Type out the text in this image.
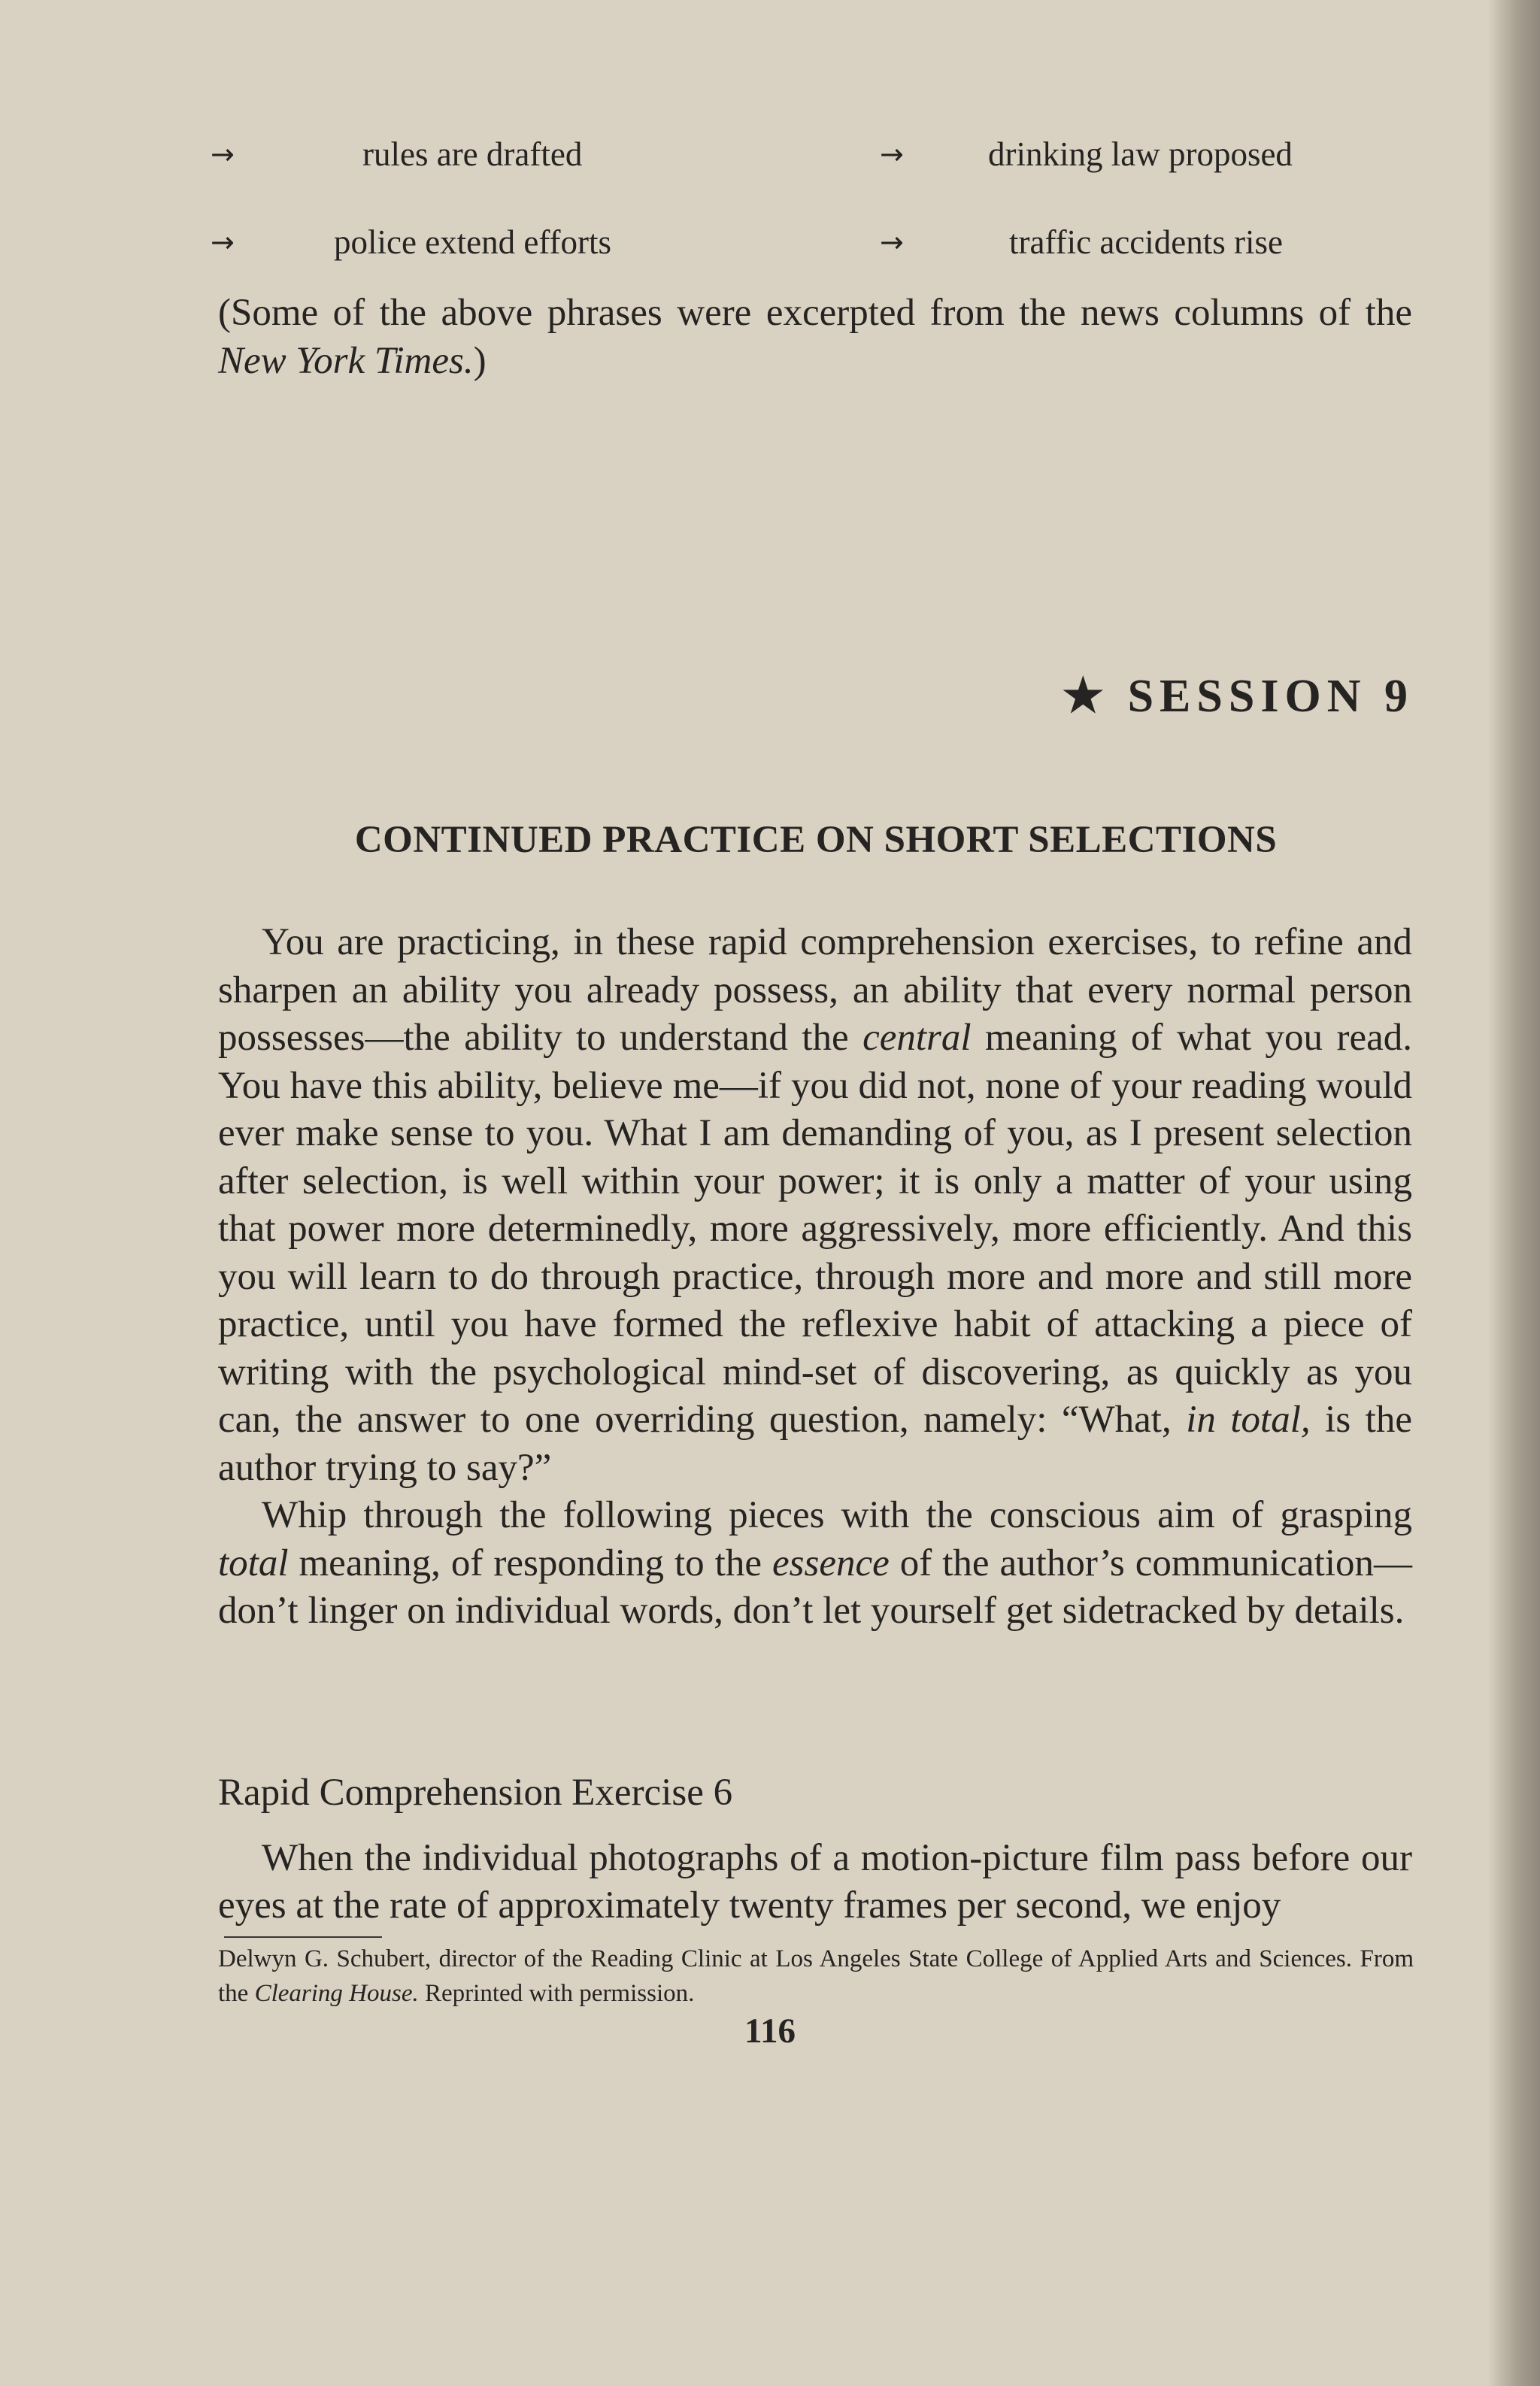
→	rules are drafted	→ drinking law proposed
→	police extend efforts	→	traffic accidents rise

(Some of the above phrases were excerpted from the news columns of the New York Times.)

★ SESSION 9
CONTINUED PRACTICE ON SHORT SELECTIONS

You are practicing, in these rapid comprehension exercises, to refine and sharpen an ability you already possess, an ability that every normal person possesses—the ability to understand the central meaning of what you read. You have this ability, believe me—if you did not, none of your reading would ever make sense to you. What I am demanding of you, as I present selection after selection, is well within your power; it is only a matter of your using that power more determinedly, more aggressively, more efficiently. And this you will learn to do through practice, through more and more and still more practice, until you have formed the reflexive habit of attacking a piece of writing with the psychological mind-set of discovering, as quickly as you can, the answer to one overriding question, namely: “What, in total, is the author trying to say?”

Whip through the following pieces with the conscious aim of grasping total meaning, of responding to the essence of the author’s communication—don’t linger on individual words, don’t let yourself get sidetracked by details.

Rapid Comprehension Exercise 6
When the individual photographs of a motion-picture film pass before our eyes at the rate of approximately twenty frames per second, we enjoy
Delwyn G. Schubert, director of the Reading Clinic at Los Angeles State College of Applied Arts and Sciences. From the Clearing House. Reprinted with permission.
116
